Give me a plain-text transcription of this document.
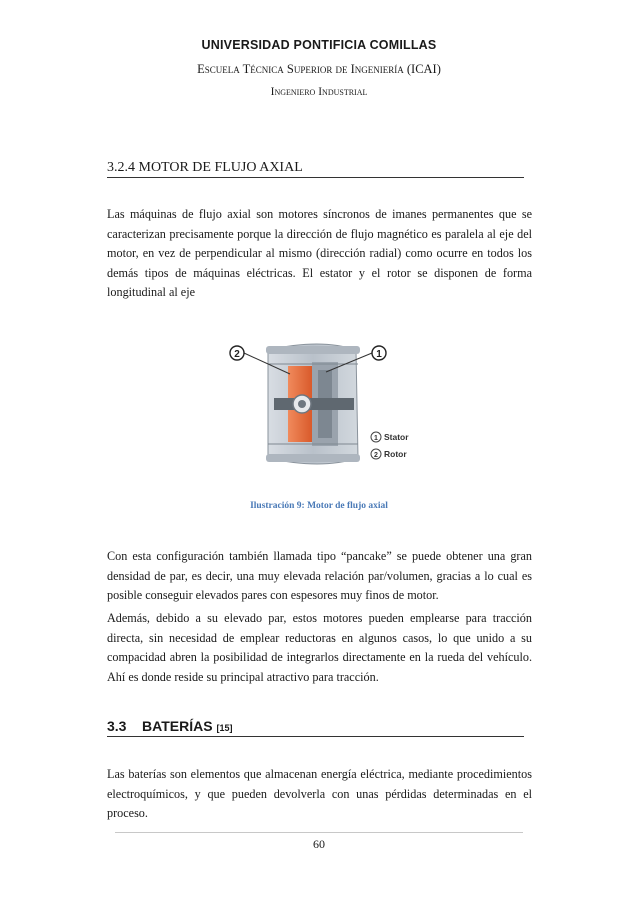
UNIVERSIDAD PONTIFICIA COMILLAS
Escuela Técnica Superior de Ingeniería (ICAI)
Ingeniero Industrial
3.2.4 MOTOR DE FLUJO AXIAL

Las máquinas de flujo axial son motores síncronos de imanes permanentes que se caracterizan precisamente porque la dirección de flujo magnético es paralela al eje del motor, en vez de perpendicular al mismo (dirección radial) como ocurre en todos los demás tipos de máquinas eléctricas. El estator y el rotor se disponen de forma longitudinal al eje

2	1
1 Stator
2 Rotor
Ilustración 9: Motor de flujo axial

Con esta configuración también llamada tipo “pancake” se puede obtener una gran densidad de par, es decir, una muy elevada relación par/volumen, gracias a lo cual es posible conseguir elevados pares con espesores muy finos de motor.

Además, debido a su elevado par, estos motores pueden emplearse para tracción directa, sin necesidad de emplear reductoras en algunos casos, lo que unido a su compacidad abren la posibilidad de integrarlos directamente en la rueda del vehículo. Ahí es donde reside su principal atractivo para tracción.

3.3 BATERÍAS [15]

Las baterías son elementos que almacenan energía eléctrica, mediante procedimientos electroquímicos, y que pueden devolverla con unas pérdidas determinadas en el proceso.

60
